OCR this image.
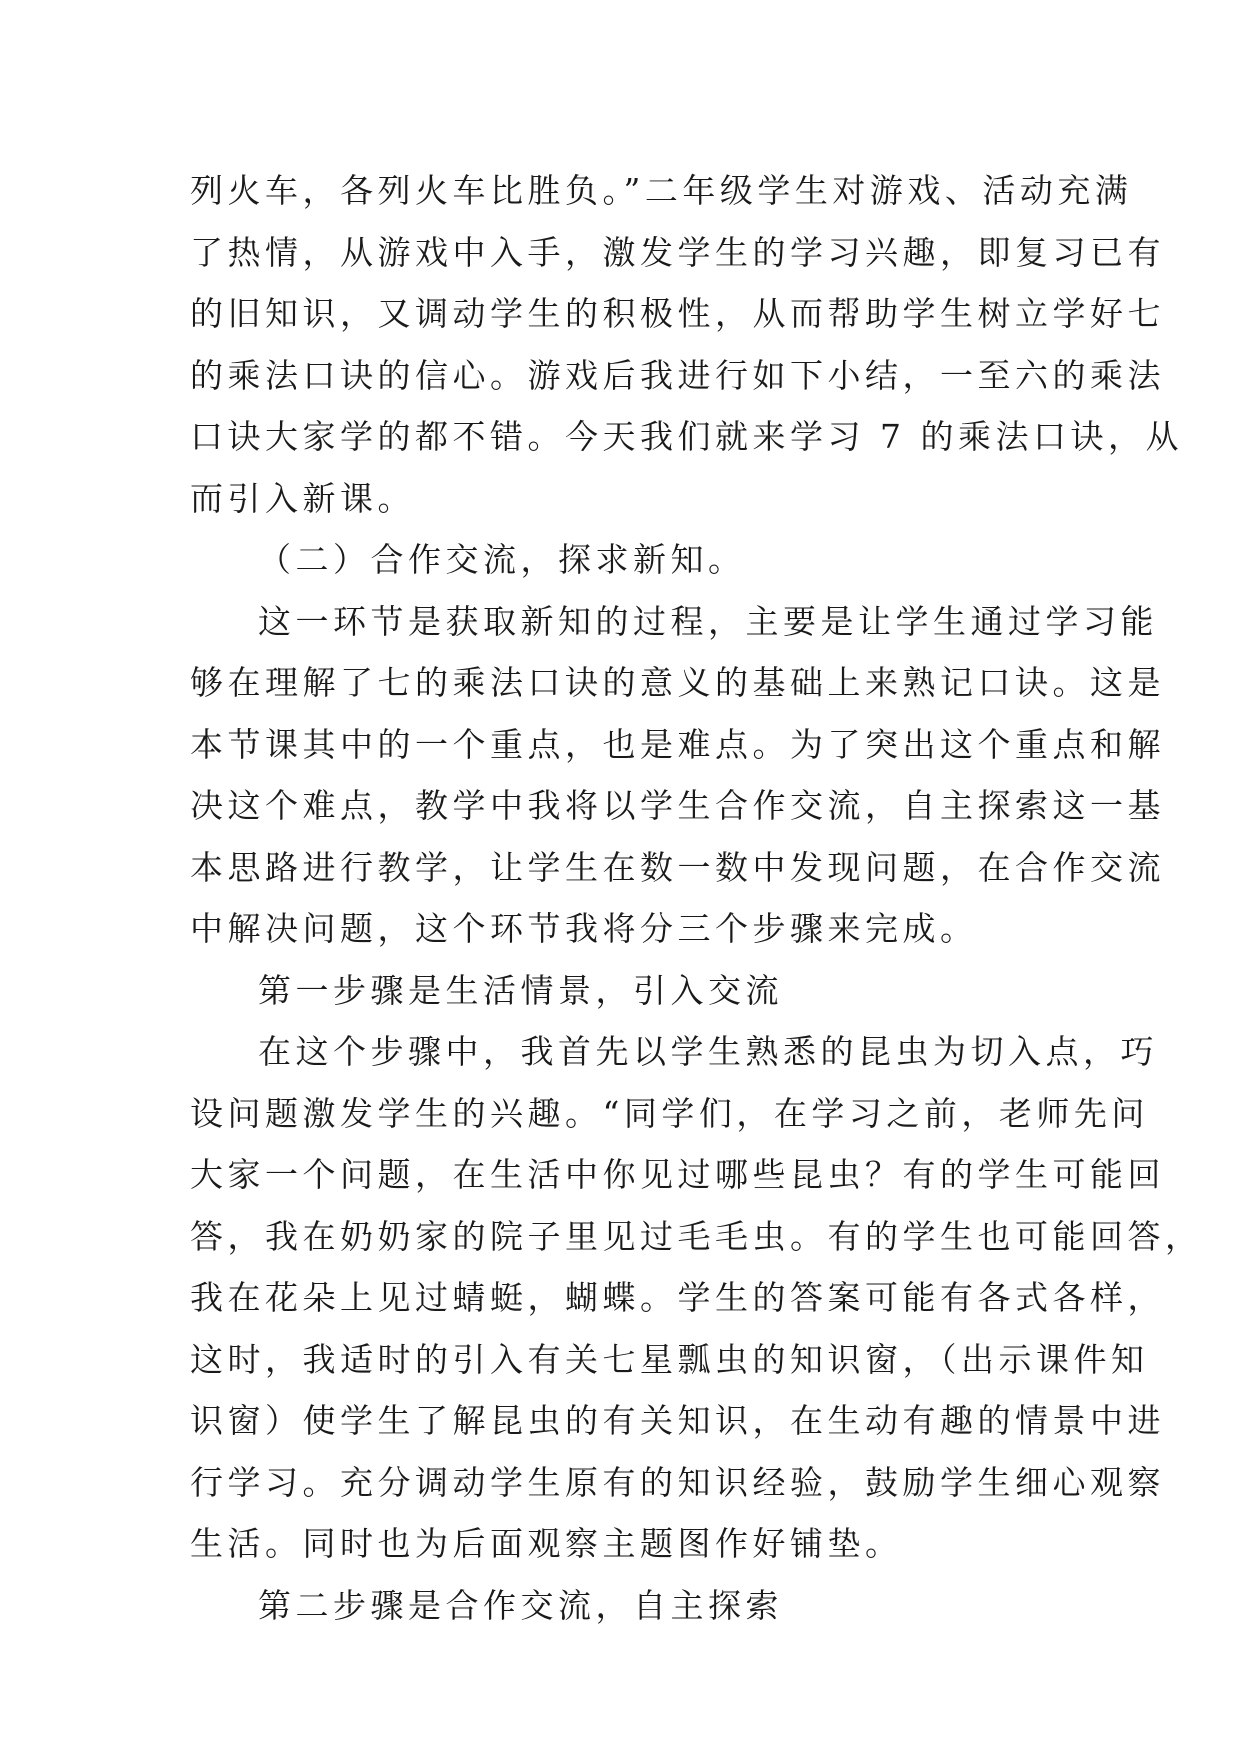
列火车，各列火车比胜负。”二年级学生对游戏、活动充满
了热情，从游戏中入手，激发学生的学习兴趣，即复习已有
的旧知识，又调动学生的积极性，从而帮助学生树立学好七
的乘法口诀的信心。游戏后我进行如下小结，一至六的乘法
口诀大家学的都不错。今天我们就来学习 7 的乘法口诀，从
而引入新课。
（二）合作交流，探求新知。
这一环节是获取新知的过程，主要是让学生通过学习能
够在理解了七的乘法口诀的意义的基础上来熟记口诀。这是
本节课其中的一个重点，也是难点。为了突出这个重点和解
决这个难点，教学中我将以学生合作交流，自主探索这一基
本思路进行教学，让学生在数一数中发现问题，在合作交流
中解决问题，这个环节我将分三个步骤来完成。
第一步骤是生活情景，引入交流
在这个步骤中，我首先以学生熟悉的昆虫为切入点，巧
设问题激发学生的兴趣。“同学们，在学习之前，老师先问
大家一个问题，在生活中你见过哪些昆虫？有的学生可能回
答，我在奶奶家的院子里见过毛毛虫。有的学生也可能回答，
我在花朵上见过蜻蜓，蝴蝶。学生的答案可能有各式各样，
这时，我适时的引入有关七星瓢虫的知识窗，（出示课件知
识窗）使学生了解昆虫的有关知识，在生动有趣的情景中进
行学习。充分调动学生原有的知识经验，鼓励学生细心观察
生活。同时也为后面观察主题图作好铺垫。
第二步骤是合作交流，自主探索
